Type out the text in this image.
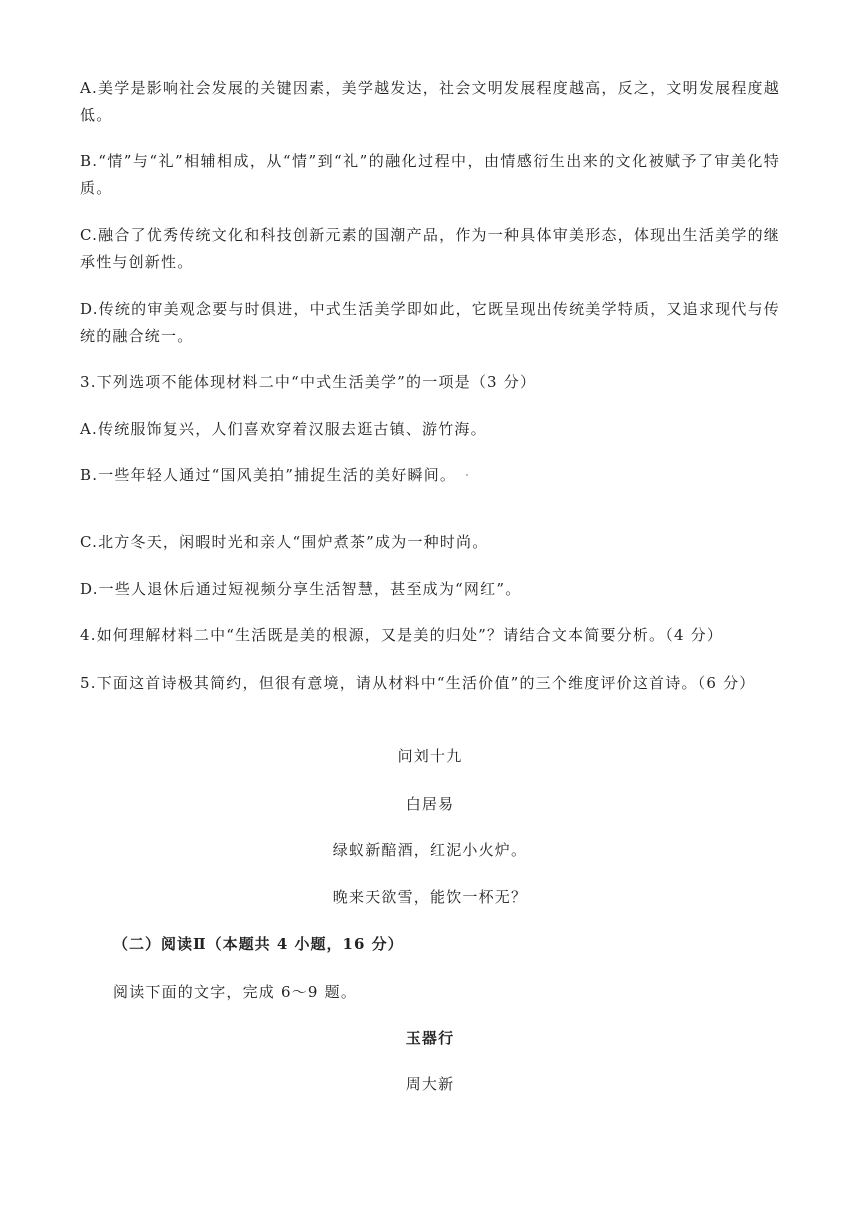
A.美学是影响社会发展的关键因素，美学越发达，社会文明发展程度越高，反之，文明发展程度越低。
B.“情”与“礼”相辅相成，从“情”到“礼”的融化过程中，由情感衍生出来的文化被赋予了审美化特质。
C.融合了优秀传统文化和科技创新元素的国潮产品，作为一种具体审美形态，体现出生活美学的继承性与创新性。
D.传统的审美观念要与时俱进，中式生活美学即如此，它既呈现出传统美学特质，又追求现代与传统的融合统一。
3.下列选项不能体现材料二中“中式生活美学”的一项是（3 分）
A.传统服饰复兴，人们喜欢穿着汉服去逛古镇、游竹海。
B.一些年轻人通过“国风美拍”捕捉生活的美好瞬间。
C.北方冬天，闲暇时光和亲人“围炉煮茶”成为一种时尚。
D.一些人退休后通过短视频分享生活智慧，甚至成为“网红”。
4.如何理解材料二中“生活既是美的根源，又是美的归处”？请结合文本简要分析。（4 分）
5.下面这首诗极其简约，但很有意境，请从材料中“生活价值”的三个维度评价这首诗。（6 分）
问刘十九
白居易
绿蚁新醅酒，红泥小火炉。
晚来天欲雪，能饮一杯无？
（二）阅读Ⅱ（本题共 4 小题，16 分）
阅读下面的文字，完成 6～9 题。
玉器行
周大新
